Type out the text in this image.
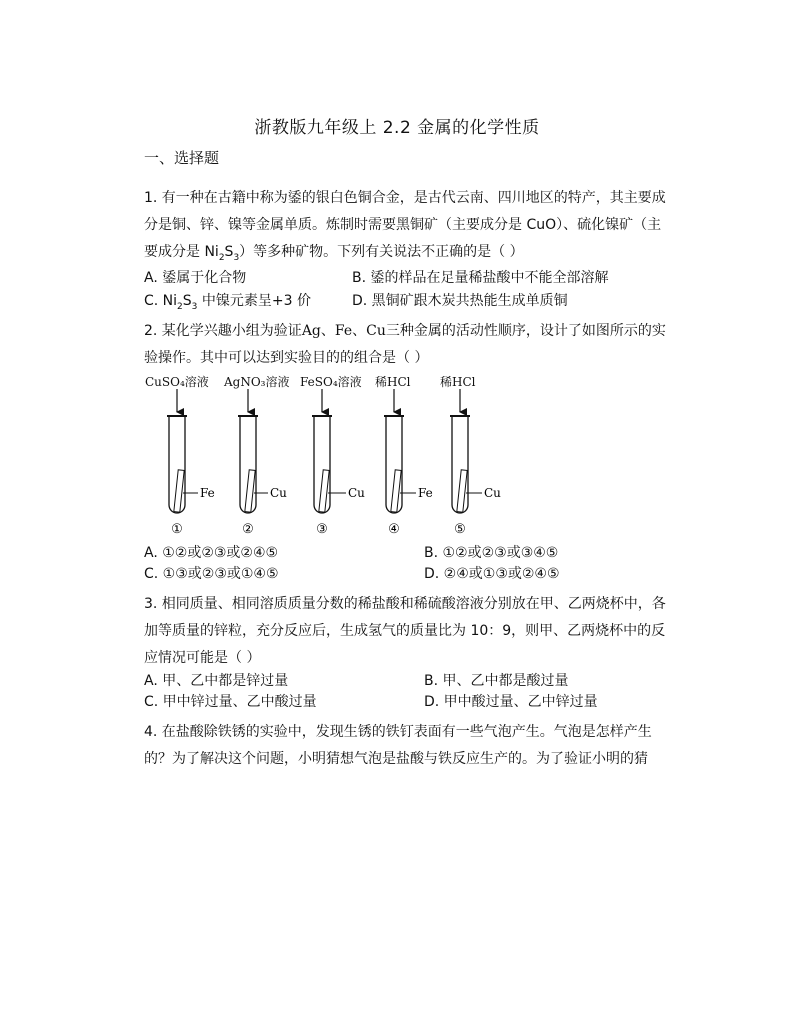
浙教版九年级上 2.2 金属的化学性质
一、选择题
1. 有一种在古籍中称为鋈的银白色铜合金，是古代云南、四川地区的特产，其主要成
分是铜、锌、镍等金属单质。炼制时需要黑铜矿（主要成分是 CuO）、硫化镍矿（主
要成分是 $Ni_2S_3$）等多种矿物。下列有关说法不正确的是（ ）
A. 鋈属于化合物	B. 鋈的样品在足量稀盐酸中不能全部溶解
C. $Ni_2S_3$ 中镍元素呈+3 价	D. 黑铜矿跟木炭共热能生成单质铜
2. 某化学兴趣小组为验证Ag、Fe、Cu三种金属的活动性顺序，设计了如图所示的实
验操作。其中可以达到实验目的的组合是（ ）
CuSO₄溶液 AgNO₃溶液 FeSO₄溶液 稀HCl 稀HCl
Fe
①
Cu
②
Cu
③
Fe
④
Cu
⑤
A. ①②或②③或②④⑤	B. ①②或②③或③④⑤
C. ①③或②③或①④⑤	D. ②④或①③或②④⑤
3. 相同质量、相同溶质质量分数的稀盐酸和稀硫酸溶液分别放在甲、乙两烧杯中，各
加等质量的锌粒，充分反应后，生成氢气的质量比为 10：9，则甲、乙两烧杯中的反
应情况可能是（ ）
A. 甲、乙中都是锌过量	B. 甲、乙中都是酸过量
C. 甲中锌过量、乙中酸过量	D. 甲中酸过量、乙中锌过量
4. 在盐酸除铁锈的实验中，发现生锈的铁钉表面有一些气泡产生。气泡是怎样产生
的？为了解决这个问题，小明猜想气泡是盐酸与铁反应生产的。为了验证小明的猜
